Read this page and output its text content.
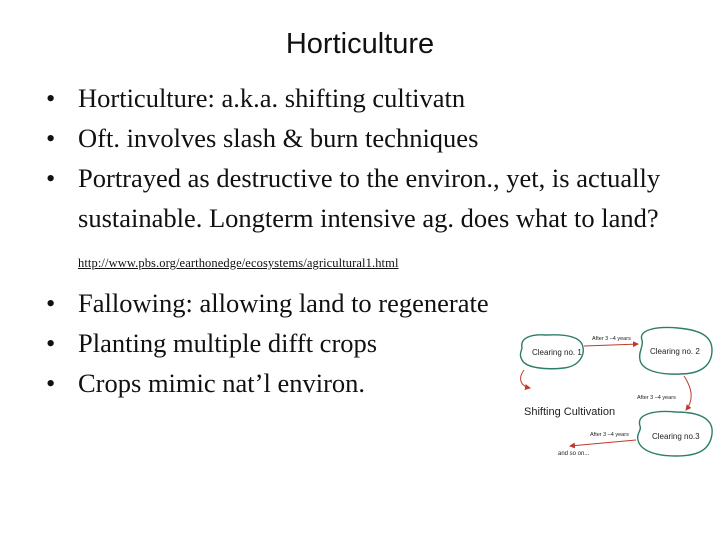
Horticulture
• Horticulture: a.k.a. shifting cultivatn
• Oft. involves slash & burn techniques
• Portrayed as destructive to the environ., yet, is actually sustainable. Longterm intensive ag. does what to land? http://www.pbs.org/earthonedge/ecosystems/agricultural1.html
• Fallowing: allowing land to regenerate
• Planting multiple difft crops
• Crops mimic nat’l environ.
Clearing no. 1	Clearing no. 2
After 3 –4 years
Shifting Cultivation
After 3 –4 years
Clearing no.3
After 3 –4 years
and so on...
